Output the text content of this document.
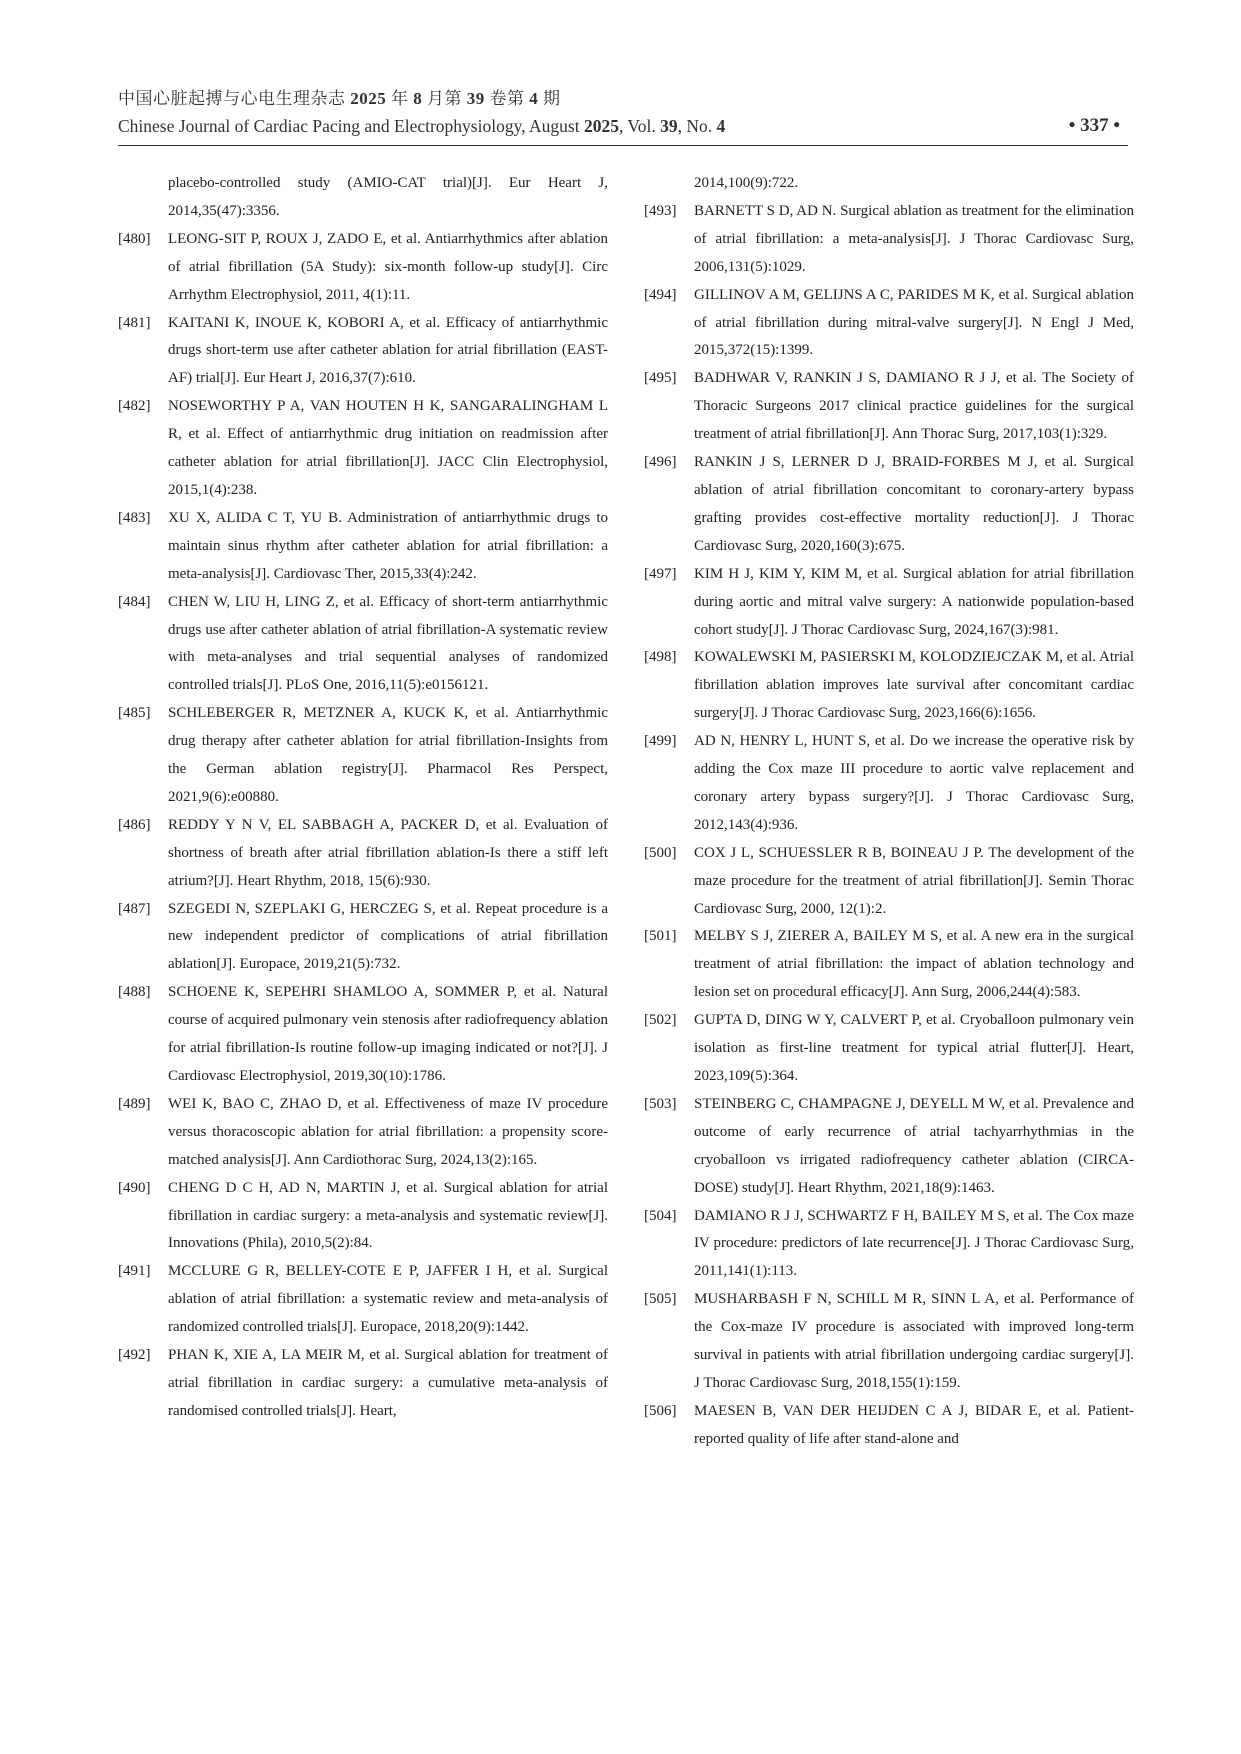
中国心脏起搏与心电生理杂志 2025 年 8 月第 39 卷第 4 期
Chinese Journal of Cardiac Pacing and Electrophysiology, August 2025, Vol. 39, No. 4	• 337 •
placebo-controlled study (AMIO-CAT trial)[J]. Eur Heart J, 2014,35(47):3356.
[480] LEONG-SIT P, ROUX J, ZADO E, et al. Antiarrhythmics after ablation of atrial fibrillation (5A Study): six-month follow-up study[J]. Circ Arrhythm Electrophysiol, 2011, 4(1):11.
[481] KAITANI K, INOUE K, KOBORI A, et al. Efficacy of antiarrhythmic drugs short-term use after catheter ablation for atrial fibrillation (EAST-AF) trial[J]. Eur Heart J, 2016,37(7):610.
[482] NOSEWORTHY P A, VAN HOUTEN H K, SANGARALINGHAM L R, et al. Effect of antiarrhythmic drug initiation on readmission after catheter ablation for atrial fibrillation[J]. JACC Clin Electrophysiol, 2015,1(4):238.
[483] XU X, ALIDA C T, YU B. Administration of antiarrhythmic drugs to maintain sinus rhythm after catheter ablation for atrial fibrillation: a meta-analysis[J]. Cardiovasc Ther, 2015,33(4):242.
[484] CHEN W, LIU H, LING Z, et al. Efficacy of short-term antiarrhythmic drugs use after catheter ablation of atrial fibrillation-A systematic review with meta-analyses and trial sequential analyses of randomized controlled trials[J]. PLoS One, 2016,11(5):e0156121.
[485] SCHLEBERGER R, METZNER A, KUCK K, et al. Antiarrhythmic drug therapy after catheter ablation for atrial fibrillation-Insights from the German ablation registry[J]. Pharmacol Res Perspect, 2021,9(6):e00880.
[486] REDDY Y N V, EL SABBAGH A, PACKER D, et al. Evaluation of shortness of breath after atrial fibrillation ablation-Is there a stiff left atrium?[J]. Heart Rhythm, 2018, 15(6):930.
[487] SZEGEDI N, SZEPLAKI G, HERCZEG S, et al. Repeat procedure is a new independent predictor of complications of atrial fibrillation ablation[J]. Europace, 2019,21(5):732.
[488] SCHOENE K, SEPEHRI SHAMLOO A, SOMMER P, et al. Natural course of acquired pulmonary vein stenosis after radiofrequency ablation for atrial fibrillation-Is routine follow-up imaging indicated or not?[J]. J Cardiovasc Electrophysiol, 2019,30(10):1786.
[489] WEI K, BAO C, ZHAO D, et al. Effectiveness of maze IV procedure versus thoracoscopic ablation for atrial fibrillation: a propensity score-matched analysis[J]. Ann Cardiothorac Surg, 2024,13(2):165.
[490] CHENG D C H, AD N, MARTIN J, et al. Surgical ablation for atrial fibrillation in cardiac surgery: a meta-analysis and systematic review[J]. Innovations (Phila), 2010,5(2):84.
[491] MCCLURE G R, BELLEY-COTE E P, JAFFER I H, et al. Surgical ablation of atrial fibrillation: a systematic review and meta-analysis of randomized controlled trials[J]. Europace, 2018,20(9):1442.
[492] PHAN K, XIE A, LA MEIR M, et al. Surgical ablation for treatment of atrial fibrillation in cardiac surgery: a cumulative meta-analysis of randomised controlled trials[J]. Heart,
2014,100(9):722.
[493] BARNETT S D, AD N. Surgical ablation as treatment for the elimination of atrial fibrillation: a meta-analysis[J]. J Thorac Cardiovasc Surg, 2006,131(5):1029.
[494] GILLINOV A M, GELIJNS A C, PARIDES M K, et al. Surgical ablation of atrial fibrillation during mitral-valve surgery[J]. N Engl J Med, 2015,372(15):1399.
[495] BADHWAR V, RANKIN J S, DAMIANO R J J, et al. The Society of Thoracic Surgeons 2017 clinical practice guidelines for the surgical treatment of atrial fibrillation[J]. Ann Thorac Surg, 2017,103(1):329.
[496] RANKIN J S, LERNER D J, BRAID-FORBES M J, et al. Surgical ablation of atrial fibrillation concomitant to coronary-artery bypass grafting provides cost-effective mortality reduction[J]. J Thorac Cardiovasc Surg, 2020,160(3):675.
[497] KIM H J, KIM Y, KIM M, et al. Surgical ablation for atrial fibrillation during aortic and mitral valve surgery: A nationwide population-based cohort study[J]. J Thorac Cardiovasc Surg, 2024,167(3):981.
[498] KOWALEWSKI M, PASIERSKI M, KOLODZIEJCZAK M, et al. Atrial fibrillation ablation improves late survival after concomitant cardiac surgery[J]. J Thorac Cardiovasc Surg, 2023,166(6):1656.
[499] AD N, HENRY L, HUNT S, et al. Do we increase the operative risk by adding the Cox maze III procedure to aortic valve replacement and coronary artery bypass surgery?[J]. J Thorac Cardiovasc Surg, 2012,143(4):936.
[500] COX J L, SCHUESSLER R B, BOINEAU J P. The development of the maze procedure for the treatment of atrial fibrillation[J]. Semin Thorac Cardiovasc Surg, 2000, 12(1):2.
[501] MELBY S J, ZIERER A, BAILEY M S, et al. A new era in the surgical treatment of atrial fibrillation: the impact of ablation technology and lesion set on procedural efficacy[J]. Ann Surg, 2006,244(4):583.
[502] GUPTA D, DING W Y, CALVERT P, et al. Cryoballoon pulmonary vein isolation as first-line treatment for typical atrial flutter[J]. Heart, 2023,109(5):364.
[503] STEINBERG C, CHAMPAGNE J, DEYELL M W, et al. Prevalence and outcome of early recurrence of atrial tachyarrhythmias in the cryoballoon vs irrigated radiofrequency catheter ablation (CIRCA-DOSE) study[J]. Heart Rhythm, 2021,18(9):1463.
[504] DAMIANO R J J, SCHWARTZ F H, BAILEY M S, et al. The Cox maze IV procedure: predictors of late recurrence[J]. J Thorac Cardiovasc Surg, 2011,141(1):113.
[505] MUSHARBASH F N, SCHILL M R, SINN L A, et al. Performance of the Cox-maze IV procedure is associated with improved long-term survival in patients with atrial fibrillation undergoing cardiac surgery[J]. J Thorac Cardiovasc Surg, 2018,155(1):159.
[506] MAESEN B, VAN DER HEIJDEN C A J, BIDAR E, et al. Patient-reported quality of life after stand-alone and
